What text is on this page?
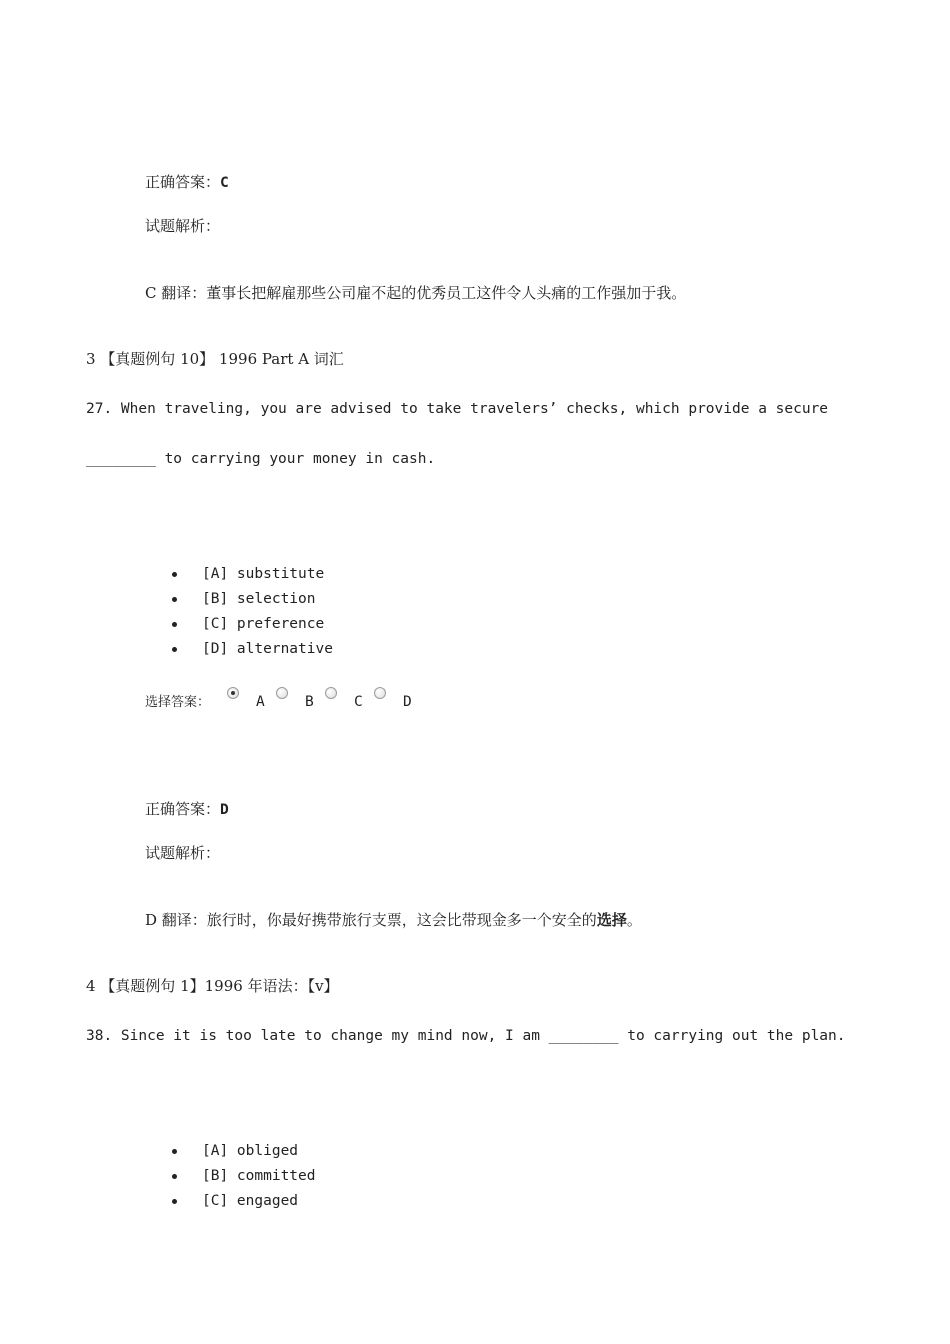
正确答案：C
试题解析：
C 翻译：董事长把解雇那些公司雇不起的优秀员工这件令人头痛的工作强加于我。
3 【真题例句 10】 1996 Part A 词汇
27. When traveling, you are advised to take travelers’ checks, which provide a secure
________ to carrying your money in cash.
[A] substitute
[B] selection
[C] preference
[D] alternative
选择答案：	A	B	C	D
正确答案：D
试题解析：
D 翻译：旅行时，你最好携带旅行支票，这会比带现金多一个安全的选择。
4 【真题例句 1】1996 年语法：【v】
38. Since it is too late to change my mind now, I am ________ to carrying out the plan.
[A] obliged
[B] committed
[C] engaged
